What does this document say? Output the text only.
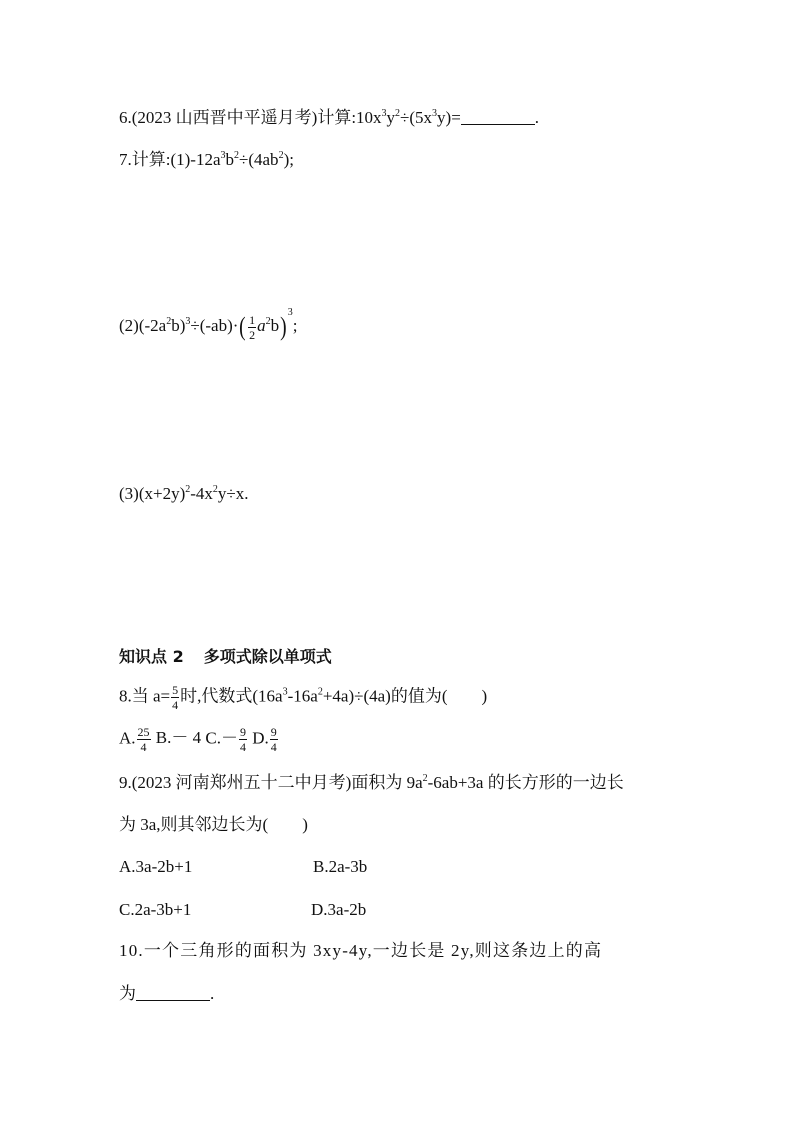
6.(2023 山西晋中平遥月考)计算$:10x^3y^2\div(5x^3y)=$	.
7.计算$:(1)-12a^3b^2\div(4ab^2)$;
$(2)(-2a^2b)^3\div(-ab)\cdot( \frac{1}{2} a^2b)^3$;
$(3)(x+2y)^2-4x^2y\div x$.
知识点 2 多项式除以单项式
8.当 $a= \frac{5}{4}$ 时,代数式$(16a^3-16a^2+4a)\div(4a)$的值为(　　)
A. $\frac{25}{4} B.- 4$ $C.- \frac{9}{4} D$. $\frac{9}{4}$
9.(2023 河南郑州五十二中月考)面积为 $9a^2-6ab+3a$ 的长方形的一边长
为 3a,则其邻边长为(　　)
A.3a-2b+1	B.2a-3b
C.2a-3b+1	D.3a-2b
10.一个三角形的面积为 3xy-4y,一边长是 2y,则这条边上的高
为	.
